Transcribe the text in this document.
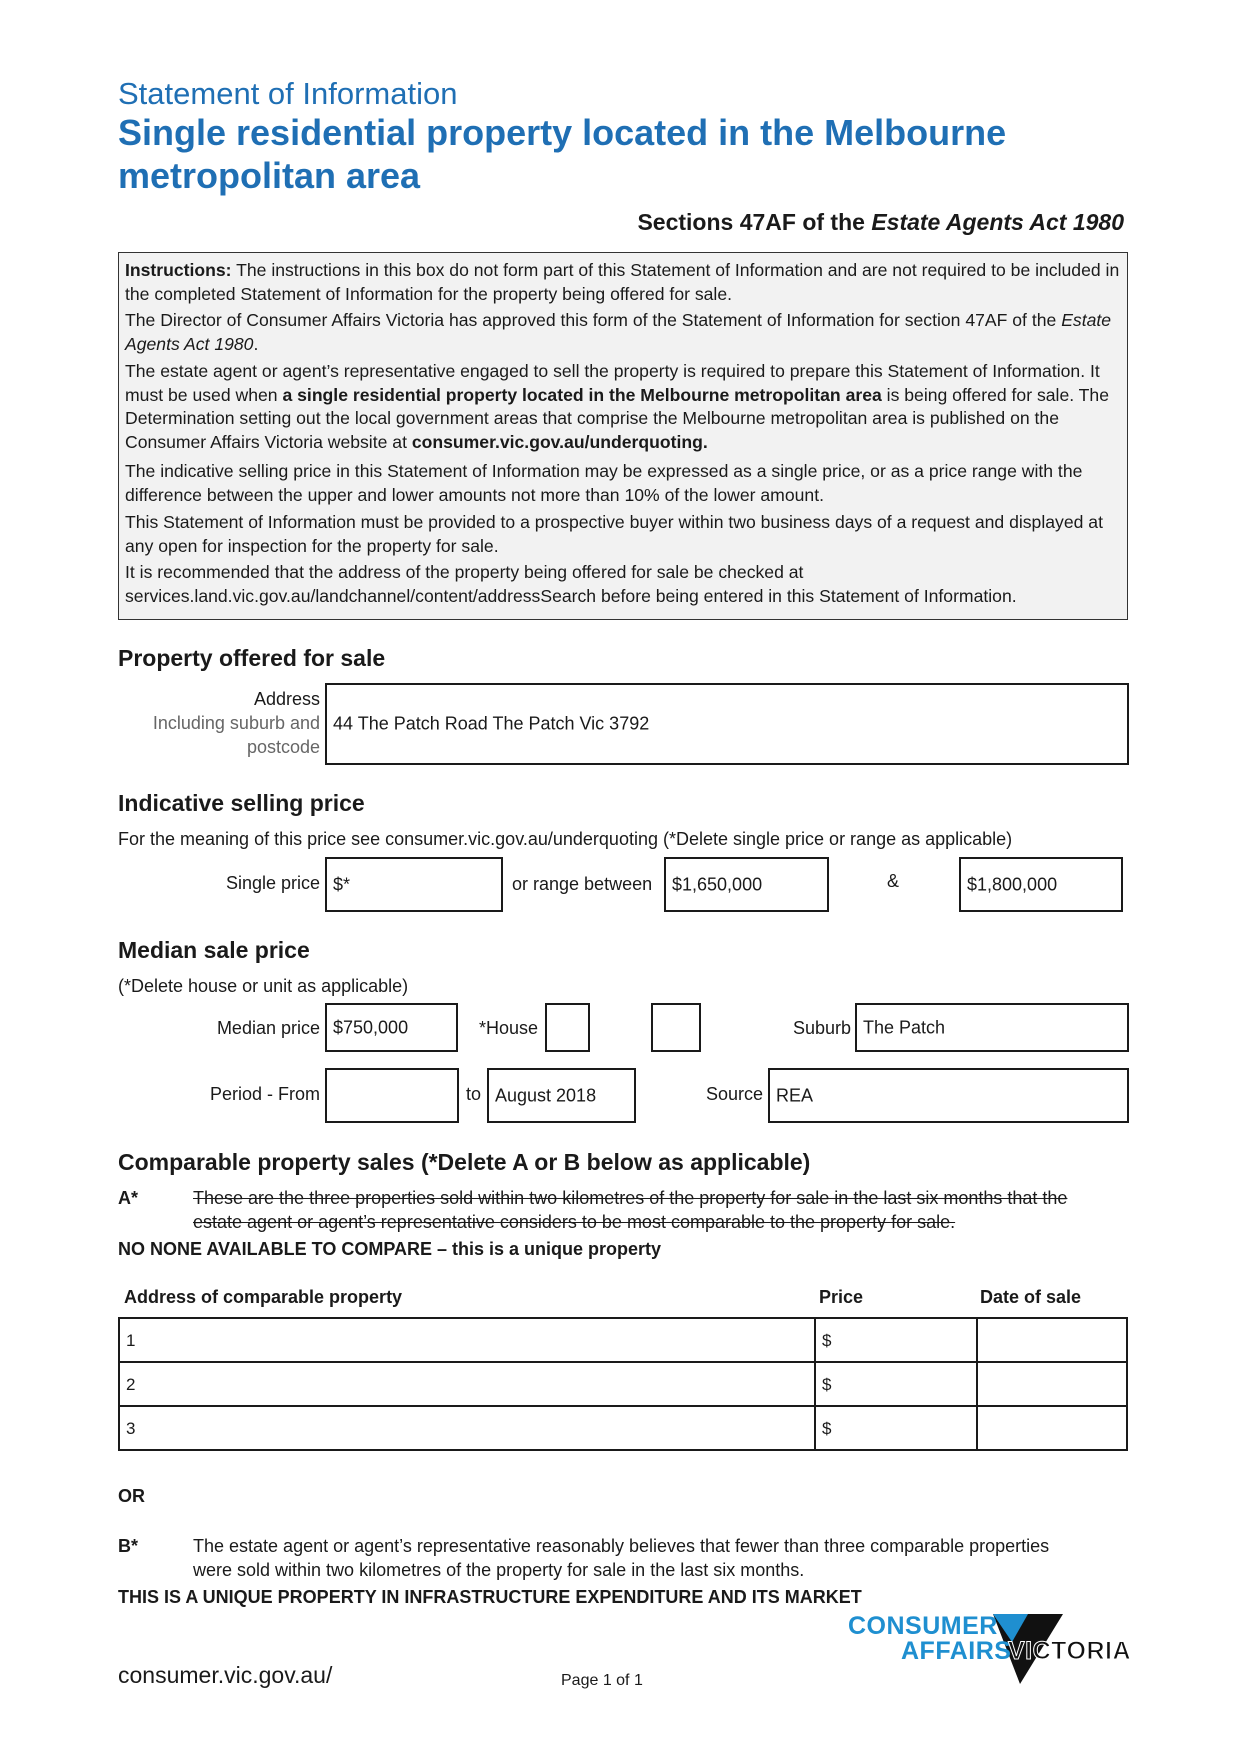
Statement of Information
Single residential property located in the Melbourne
metropolitan area
Sections 47AF of the Estate Agents Act 1980

Instructions: The instructions in this box do not form part of this Statement of Information and are not required to be included in the completed Statement of Information for the property being offered for sale.

The Director of Consumer Affairs Victoria has approved this form of the Statement of Information for section 47AF of the Estate Agents Act 1980.

The estate agent or agent’s representative engaged to sell the property is required to prepare this Statement of Information. It must be used when a single residential property located in the Melbourne metropolitan area is being offered for sale. The Determination setting out the local government areas that comprise the Melbourne metropolitan area is published on the Consumer Affairs Victoria website at consumer.vic.gov.au/underquoting.

The indicative selling price in this Statement of Information may be expressed as a single price, or as a price range with the difference between the upper and lower amounts not more than 10% of the lower amount.

This Statement of Information must be provided to a prospective buyer within two business days of a request and displayed at any open for inspection for the property for sale.

It is recommended that the address of the property being offered for sale be checked at services.land.vic.gov.au/landchannel/content/addressSearch before being entered in this Statement of Information.

Property offered for sale
Address
Including suburb and
postcode
44 The Patch Road The Patch Vic 3792
Indicative selling price
For the meaning of this price see consumer.vic.gov.au/underquoting (*Delete single price or range as applicable)
Single price $*	or range between $1,650,000	&	$1,800,000
Median sale price
(*Delete house or unit as applicable)
Median price $750,000	*House	Suburb The Patch
Period - From	to August 2018	Source REA
Comparable property sales (*Delete A or B below as applicable)
A*	These are the three properties sold within two kilometres of the property for sale in the last six months that the
estate agent or agent’s representative considers to be most comparable to the property for sale.
NO NONE AVAILABLE TO COMPARE – this is a unique property
Address of comparable property	Price	Date of sale
1	$	
2	$	
3	$	
OR
B*	The estate agent or agent’s representative reasonably believes that fewer than three comparable properties
were sold within two kilometres of the property for sale in the last six months.
THIS IS A UNIQUE PROPERTY IN INFRASTRUCTURE EXPENDITURE AND ITS MARKET
consumer.vic.gov.au/	Page 1 of 1
CONSUMER
AFFAIRS
VICTORIA
